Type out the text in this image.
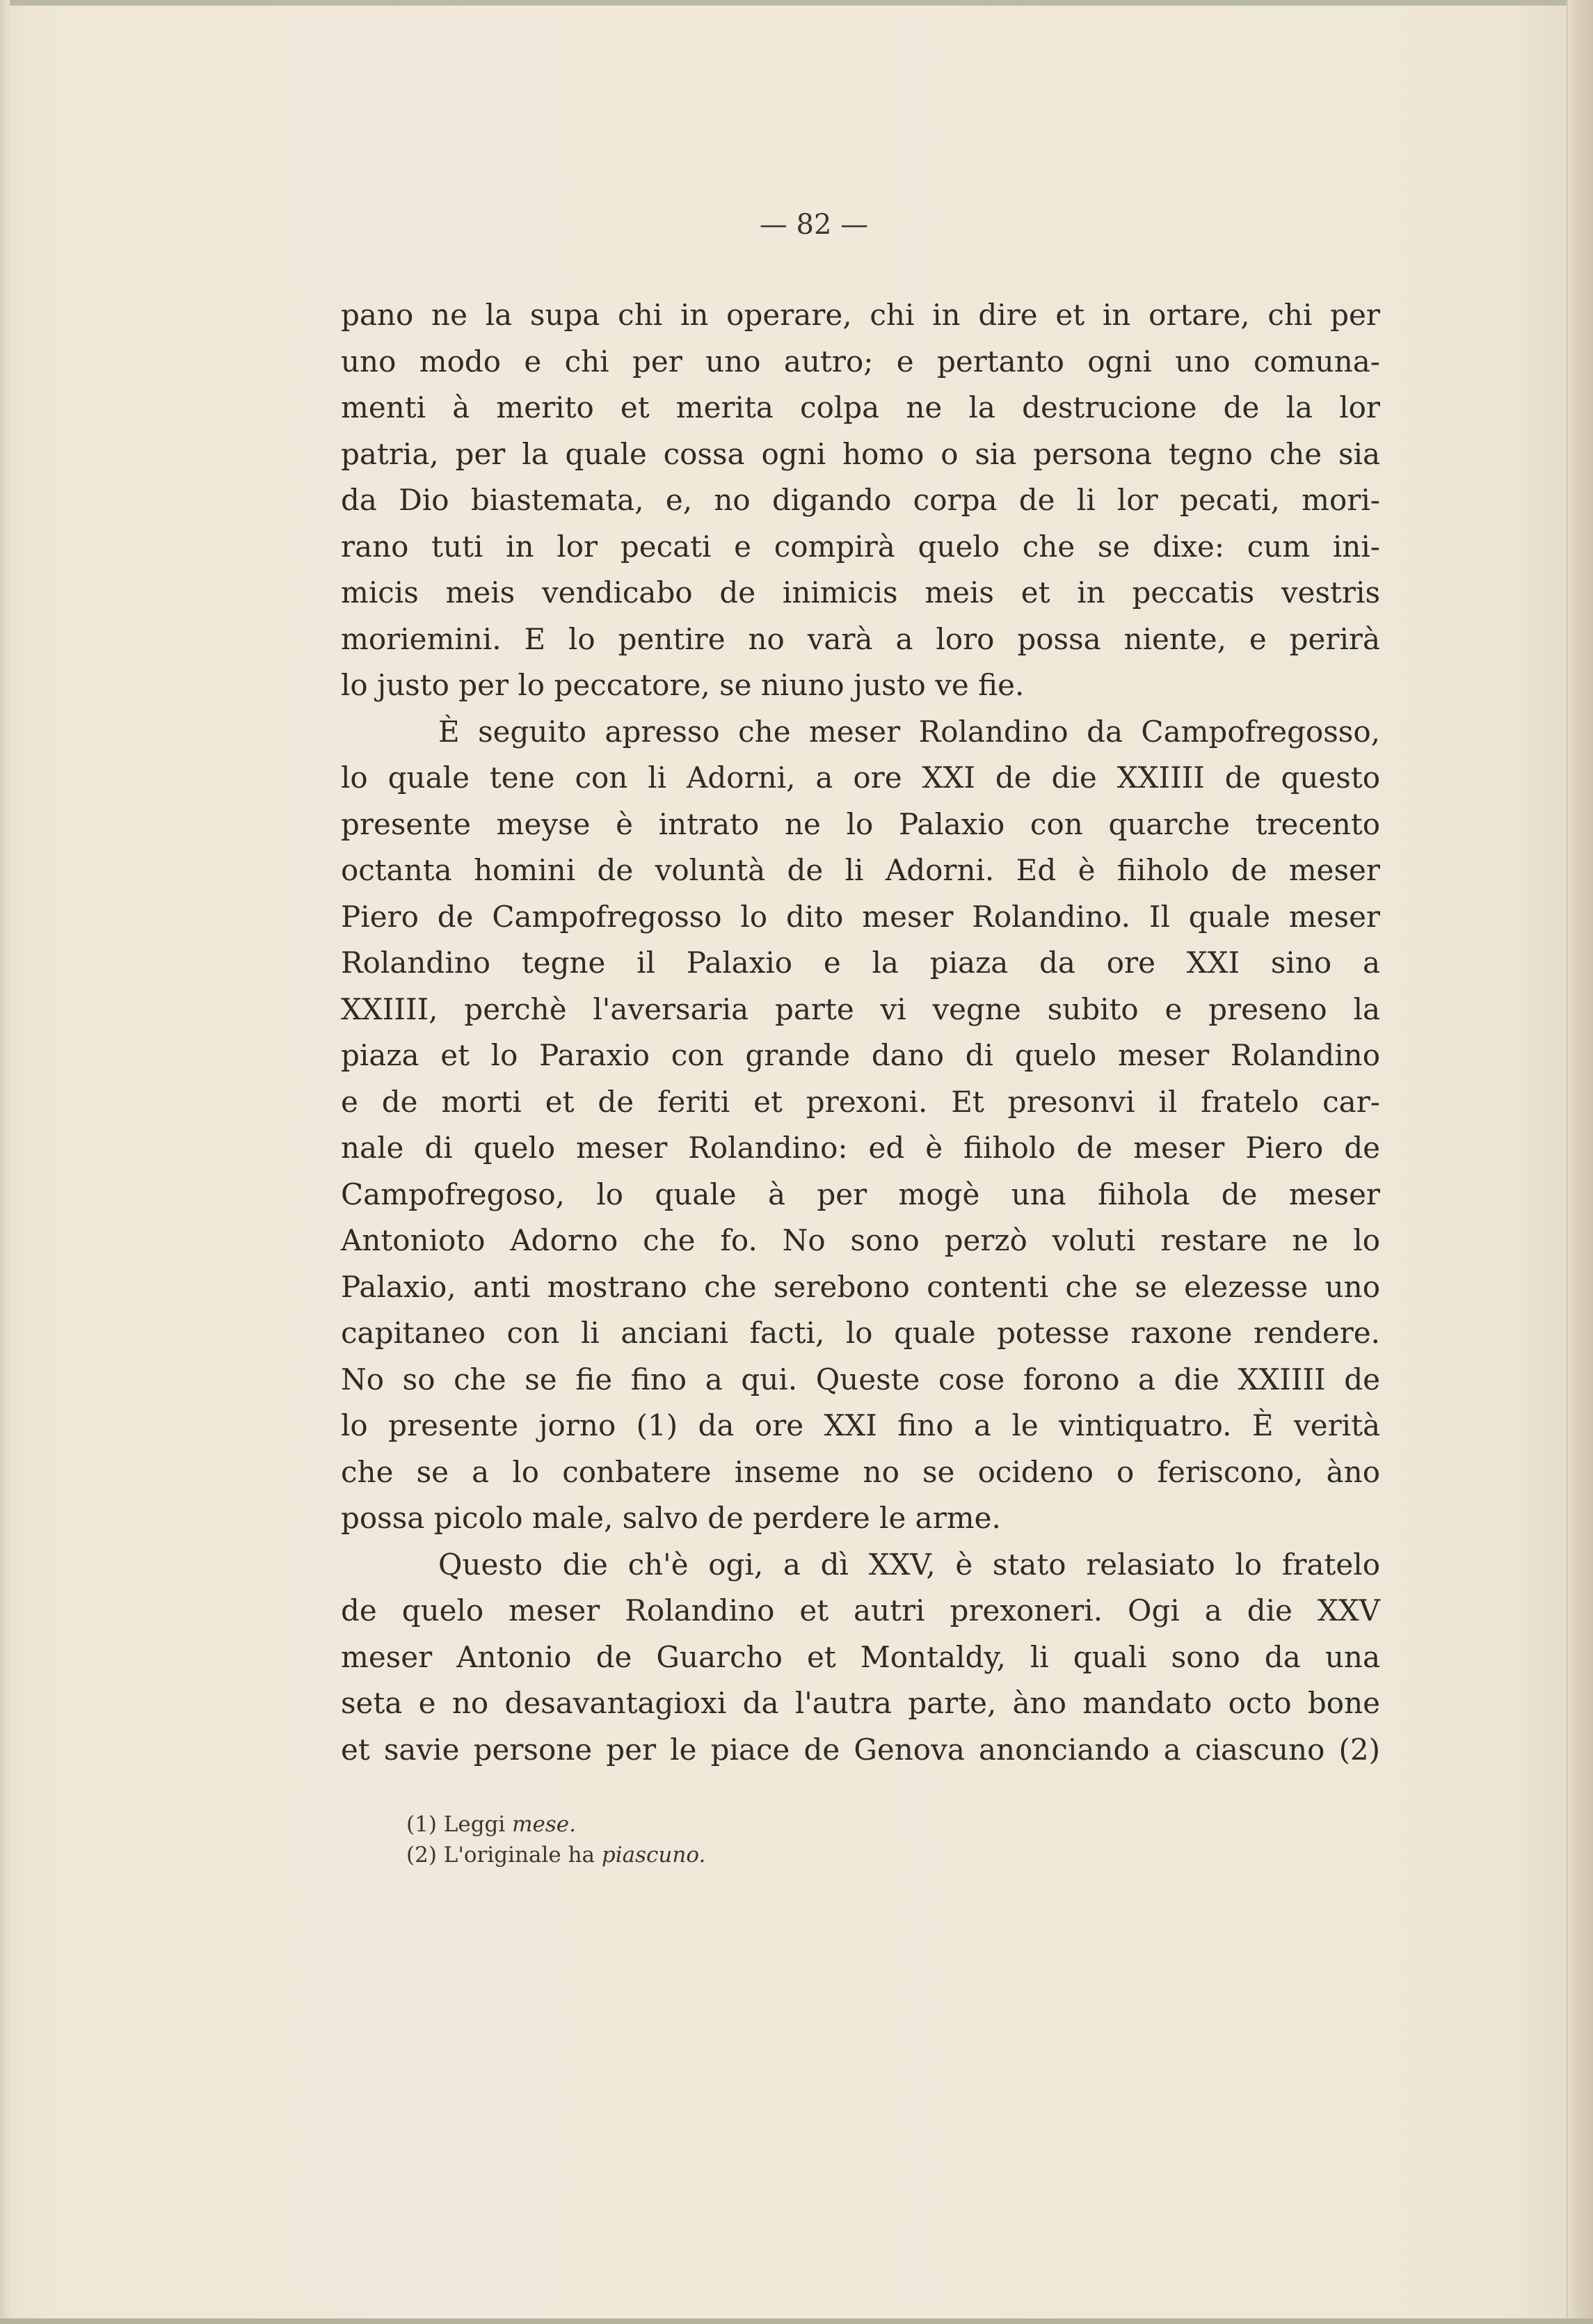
— 82 —
pano ne la supa chi in operare, chi in dire et in ortare, chi per
uno modo e chi per uno autro; e pertanto ogni uno comuna-
menti à merito et merita colpa ne la destrucione de la lor
patria, per la quale cossa ogni homo o sia persona tegno che sia
da Dio biastemata, e, no digando corpa de li lor pecati, mori-
rano tuti in lor pecati e compirà quelo che se dixe: cum ini-
micis meis vendicabo de inimicis meis et in peccatis vestris
moriemini. E lo pentire no varà a loro possa niente, e perirà
lo justo per lo peccatore, se niuno justo ve fie.
È seguito apresso che meser Rolandino da Campofregosso,
lo quale tene con li Adorni, a ore XXI de die XXIIII de questo
presente meyse è intrato ne lo Palaxio con quarche trecento
octanta homini de voluntà de li Adorni. Ed è fiiholo de meser
Piero de Campofregosso lo dito meser Rolandino. Il quale meser
Rolandino tegne il Palaxio e la piaza da ore XXI sino a
XXIIII, perchè l'aversaria parte vi vegne subito e preseno la
piaza et lo Paraxio con grande dano di quelo meser Rolandino
e de morti et de feriti et prexoni. Et presonvi il fratelo car-
nale di quelo meser Rolandino: ed è fiiholo de meser Piero de
Campofregoso, lo quale à per mogè una fiihola de meser
Antonioto Adorno che fo. No sono perzò voluti restare ne lo
Palaxio, anti mostrano che serebono contenti che se elezesse uno
capitaneo con li anciani facti, lo quale potesse raxone rendere.
No so che se fie fino a qui. Queste cose forono a die XXIIII de
lo presente jorno (1) da ore XXI fino a le vintiquatro. È verità
che se a lo conbatere inseme no se ocideno o feriscono, àno
possa picolo male, salvo de perdere le arme.
Questo die ch'è ogi, a dì XXV, è stato relasiato lo fratelo
de quelo meser Rolandino et autri prexoneri. Ogi a die XXV
meser Antonio de Guarcho et Montaldy, li quali sono da una
seta e no desavantagioxi da l'autra parte, àno mandato octo bone
et savie persone per le piace de Genova anonciando a ciascuno (2)
(1) Leggi mese.
(2) L'originale ha piascuno.
